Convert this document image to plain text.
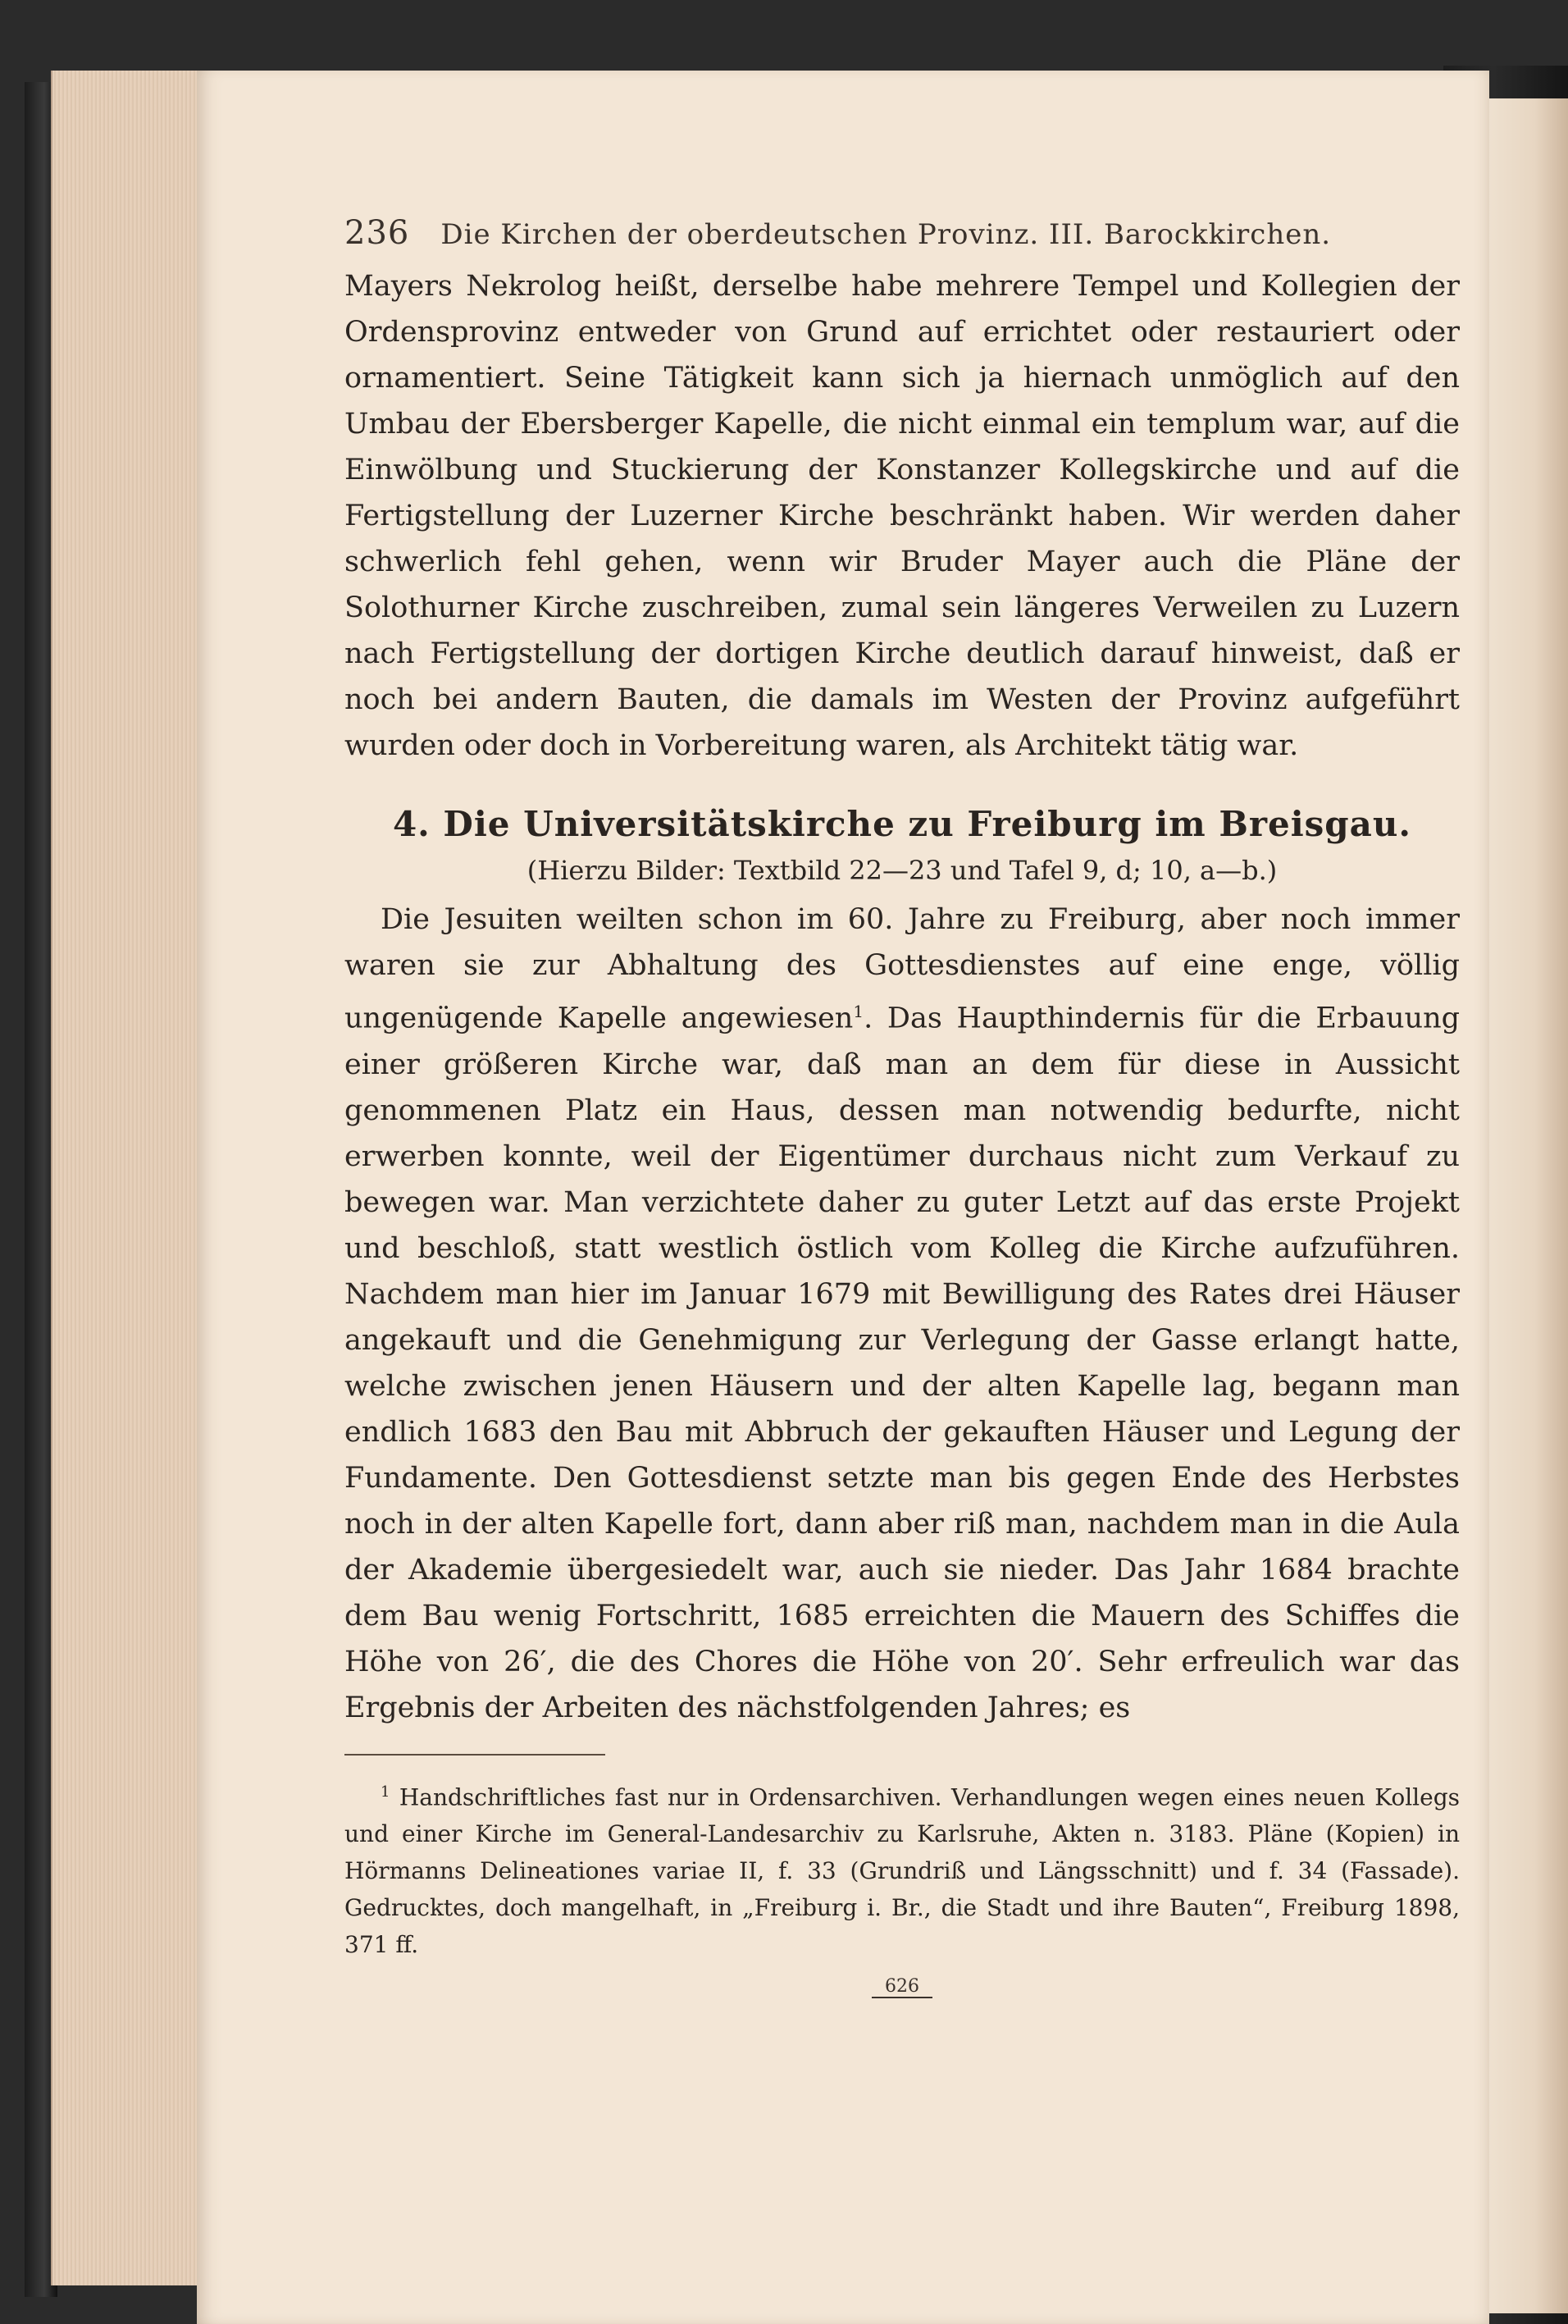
236 Die Kirchen der oberdeutschen Provinz. III. Barockkirchen.

Mayers Nekrolog heißt, derselbe habe mehrere Tempel und Kollegien der Ordensprovinz entweder von Grund auf errichtet oder restauriert oder ornamentiert. Seine Tätigkeit kann sich ja hiernach unmöglich auf den Umbau der Ebersberger Kapelle, die nicht einmal ein templum war, auf die Einwölbung und Stuckierung der Konstanzer Kollegskirche und auf die Fertigstellung der Luzerner Kirche beschränkt haben. Wir werden daher schwerlich fehl gehen, wenn wir Bruder Mayer auch die Pläne der Solothurner Kirche zuschreiben, zumal sein längeres Verweilen zu Luzern nach Fertigstellung der dortigen Kirche deutlich darauf hinweist, daß er noch bei andern Bauten, die damals im Westen der Provinz aufgeführt wurden oder doch in Vorbereitung waren, als Architekt tätig war.

4. Die Universitätskirche zu Freiburg im Breisgau.
(Hierzu Bilder: Textbild 22—23 und Tafel 9, d; 10, a—b.)

Die Jesuiten weilten schon im 60. Jahre zu Freiburg, aber noch immer waren sie zur Abhaltung des Gottesdienstes auf eine enge, völlig ungenügende Kapelle angewiesen$^1$. Das Haupthindernis für die Erbauung einer größeren Kirche war, daß man an dem für diese in Aussicht genommenen Platz ein Haus, dessen man notwendig bedurfte, nicht erwerben konnte, weil der Eigentümer durchaus nicht zum Verkauf zu bewegen war. Man verzichtete daher zu guter Letzt auf das erste Projekt und beschloß, statt westlich östlich vom Kolleg die Kirche aufzuführen. Nachdem man hier im Januar 1679 mit Bewilligung des Rates drei Häuser angekauft und die Genehmigung zur Verlegung der Gasse erlangt hatte, welche zwischen jenen Häusern und der alten Kapelle lag, begann man endlich 1683 den Bau mit Abbruch der gekauften Häuser und Legung der Fundamente. Den Gottesdienst setzte man bis gegen Ende des Herbstes noch in der alten Kapelle fort, dann aber riß man, nachdem man in die Aula der Akademie übergesiedelt war, auch sie nieder. Das Jahr 1684 brachte dem Bau wenig Fortschritt, 1685 erreichten die Mauern des Schiffes die Höhe von 26′, die des Chores die Höhe von 20′. Sehr erfreulich war das Ergebnis der Arbeiten des nächstfolgenden Jahres; es

$^1$ Handschriftliches fast nur in Ordensarchiven. Verhandlungen wegen eines neuen Kollegs und einer Kirche im General-Landesarchiv zu Karlsruhe, Akten n. 3183. Pläne (Kopien) in Hörmanns Delineationes variae II, f. 33 (Grundriß und Längsschnitt) und f. 34 (Fassade). Gedrucktes, doch mangelhaft, in „Freiburg i. Br., die Stadt und ihre Bauten“, Freiburg 1898, 371 ff.

626
